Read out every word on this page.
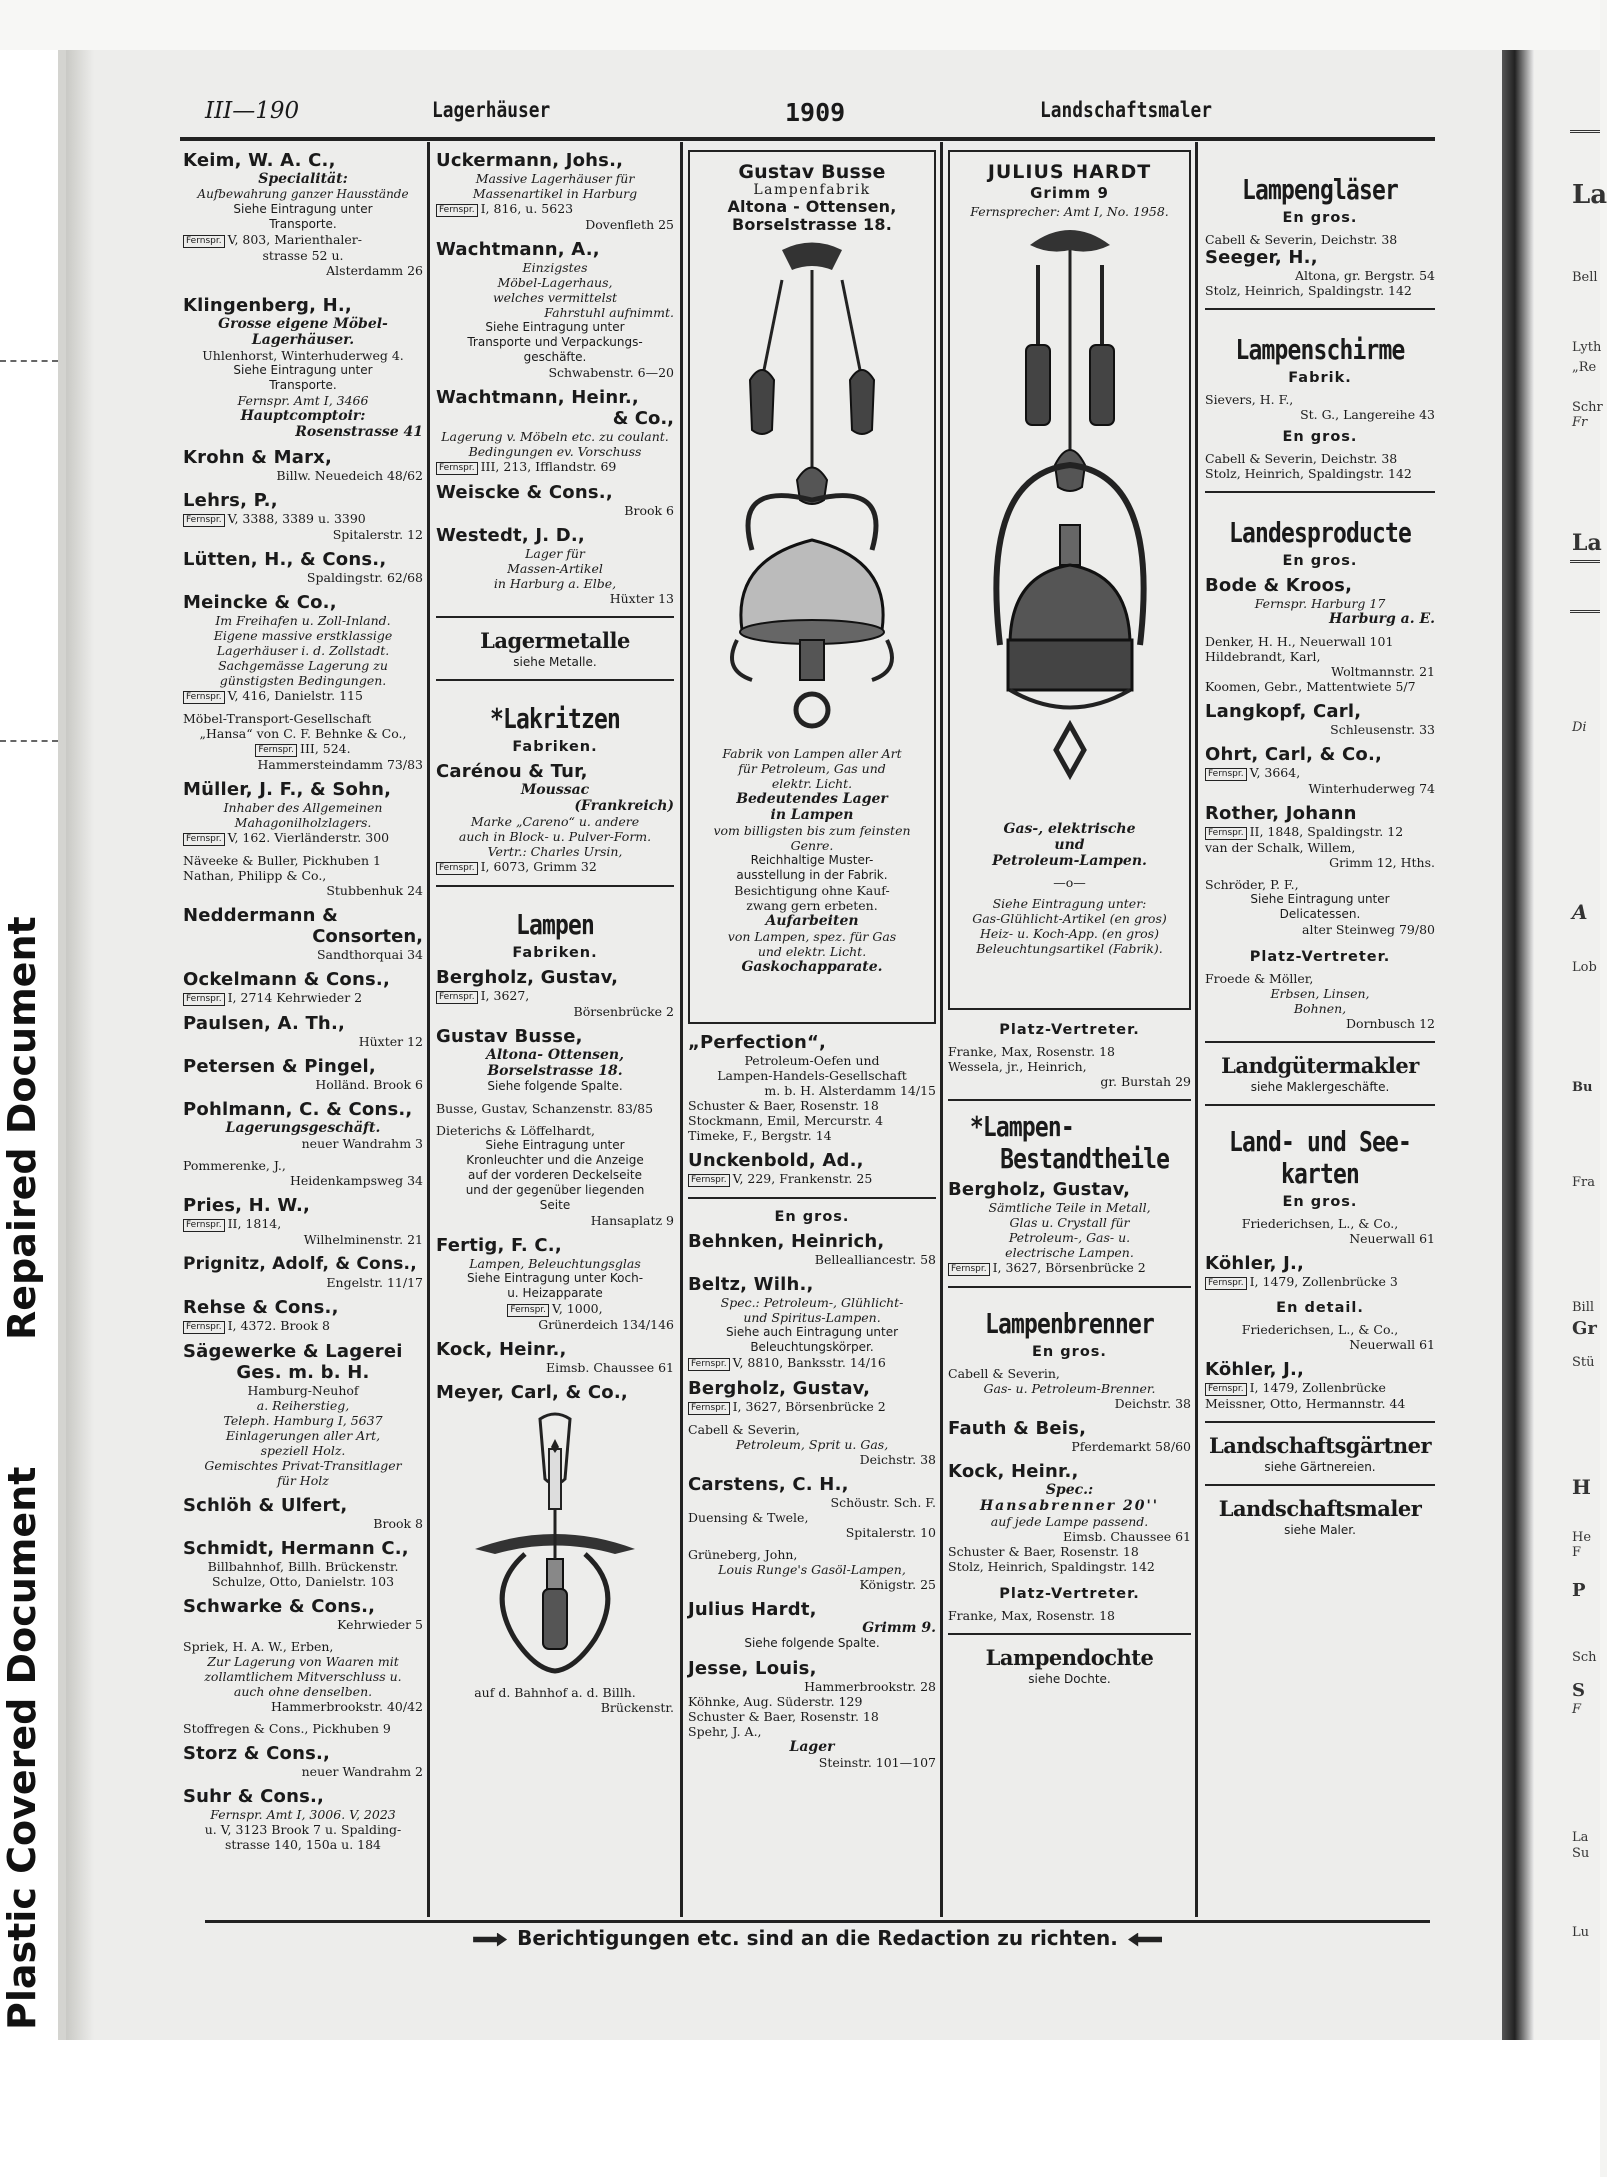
Repaired Document
Plastic Covered Document
La
Bell
Lyth
„Re
Schr
Fr
La
Di
A
Lob
Bu
Fra
Bill
Gr
Stü
H
He
F
P
Sch
S
F
La
Su
Lu
III—190	Lagerhäuser	1909	Landschaftsmaler
Keim, W. A. C.,
Specialität:
Aufbewahrung ganzer Hausstände
Siehe Eintragung unter
Transporte.
Fernspr. V, 803, Marienthaler-
strasse 52 u.
Alsterdamm 26
Klingenberg, H.,
Grosse eigene Möbel-
Lagerhäuser.
Uhlenhorst, Winterhuderweg 4.
Siehe Eintragung unter
Transporte.
Fernspr. Amt I, 3466
Hauptcomptoir:
Rosenstrasse 41
Krohn & Marx,
Billw. Neuedeich 48/62
Lehrs, P.,
Fernspr. V, 3388, 3389 u. 3390
Spitalerstr. 12
Lütten, H., & Cons.,
Spaldingstr. 62/68
Meincke & Co.,
Im Freihafen u. Zoll-Inland.
Eigene massive erstklassige
Lagerhäuser i. d. Zollstadt.
Sachgemässe Lagerung zu
günstigsten Bedingungen.
Fernspr. V, 416, Danielstr. 115
Möbel-Transport-Gesellschaft
„Hansa“ von C. F. Behnke & Co.,
Fernspr. III, 524.
Hammersteindamm 73/83
Müller, J. F., & Sohn,
Inhaber des Allgemeinen
Mahagonilholzlagers.
Fernspr. V, 162. Vierländerstr. 300
Näveeke & Buller, Pickhuben 1
Nathan, Philipp & Co.,
Stubbenhuk 24
Neddermann &
Consorten,
Sandthorquai 34
Ockelmann & Cons.,
Fernspr. I, 2714 Kehrwieder 2
Paulsen, A. Th.,
Hüxter 12
Petersen & Pingel,
Holländ. Brook 6
Pohlmann, C. & Cons.,
Lagerungsgeschäft.
neuer Wandrahm 3
Pommerenke, J.,
Heidenkampsweg 34
Pries, H. W.,
Fernspr. II, 1814,
Wilhelminenstr. 21
Prignitz, Adolf, & Cons.,
Engelstr. 11/17
Rehse & Cons.,
Fernspr. I, 4372. Brook 8
Sägewerke & Lagerei
Ges. m. b. H.
Hamburg-Neuhof
a. Reiherstieg,
Teleph. Hamburg I, 5637
Einlagerungen aller Art,
speziell Holz.
Gemischtes Privat-Transitlager
für Holz
Schlöh & Ulfert,
Brook 8
Schmidt, Hermann C.,
Billbahnhof, Billh. Brückenstr.
Schulze, Otto, Danielstr. 103
Schwarke & Cons.,
Kehrwieder 5
Spriek, H. A. W., Erben,
Zur Lagerung von Waaren mit
zollamtlichem Mitverschluss u.
auch ohne denselben.
Hammerbrookstr. 40/42
Stoffregen & Cons., Pickhuben 9
Storz & Cons.,
neuer Wandrahm 2
Suhr & Cons.,
Fernspr. Amt I, 3006. V, 2023
u. V, 3123 Brook 7 u. Spalding-
strasse 140, 150a u. 184
Uckermann, Johs.,
Massive Lagerhäuser für
Massenartikel in Harburg
Fernspr. I, 816, u. 5623
Dovenfleth 25
Wachtmann, A.,
Einzigstes
Möbel-Lagerhaus,
welches vermittelst
Fahrstuhl aufnimmt.
Siehe Eintragung unter
Transporte und Verpackungs-
geschäfte.
Schwabenstr. 6—20
Wachtmann, Heinr.,
& Co.,
Lagerung v. Möbeln etc. zu coulant.
Bedingungen ev. Vorschuss
Fernspr. III, 213, Ifflandstr. 69
Weiscke & Cons.,
Brook 6
Westedt, J. D.,
Lager für
Massen-Artikel
in Harburg a. Elbe,
Hüxter 13
Lagermetalle
siehe Metalle.
*Lakritzen
Fabriken.
Carénou & Tur,
Moussac
(Frankreich)
Marke „Careno“ u. andere
auch in Block- u. Pulver-Form.
Vertr.: Charles Ursin,
Fernspr. I, 6073, Grimm 32
Lampen
Fabriken.
Bergholz, Gustav,
Fernspr. I, 3627,
Börsenbrücke 2
Gustav Busse,
Altona- Ottensen,
Borselstrasse 18.
Siehe folgende Spalte.
Busse, Gustav, Schanzenstr. 83/85
Dieterichs & Löffelhardt,
Siehe Eintragung unter
Kronleuchter und die Anzeige
auf der vorderen Deckelseite
und der gegenüber liegenden
Seite
Hansaplatz 9
Fertig, F. C.,
Lampen, Beleuchtungsglas
Siehe Eintragung unter Koch-
u. Heizapparate
Fernspr. V, 1000,
Grünerdeich 134/146
Kock, Heinr.,
Eimsb. Chaussee 61
Meyer, Carl, & Co.,
auf d. Bahnhof a. d. Billh.
Brückenstr.
Gustav Busse
Lampenfabrik
Altona - Ottensen,
Borselstrasse 18.
Fabrik von Lampen aller Art
für Petroleum, Gas und
elektr. Licht.
Bedeutendes Lager
in Lampen
vom billigsten bis zum feinsten
Genre.
Reichhaltige Muster-
ausstellung in der Fabrik.
Besichtigung ohne Kauf-
zwang gern erbeten.
Aufarbeiten
von Lampen, spez. für Gas
und elektr. Licht.
Gaskochapparate.
„Perfection“,
Petroleum-Oefen und
Lampen-Handels-Gesellschaft
m. b. H. Alsterdamm 14/15
Schuster & Baer, Rosenstr. 18
Stockmann, Emil, Mercurstr. 4
Timeke, F., Bergstr. 14
Unckenbold, Ad.,
Fernspr. V, 229, Frankenstr. 25
En gros.
Behnken, Heinrich,
Bellealliancestr. 58
Beltz, Wilh.,
Spec.: Petroleum-, Glühlicht-
und Spiritus-Lampen.
Siehe auch Eintragung unter
Beleuchtungskörper.
Fernspr. V, 8810, Banksstr. 14/16
Bergholz, Gustav,
Fernspr. I, 3627, Börsenbrücke 2
Cabell & Severin,
Petroleum, Sprit u. Gas,
Deichstr. 38
Carstens, C. H.,
Schöustr. Sch. F.
Duensing & Twele,
Spitalerstr. 10
Grüneberg, John,
Louis Runge's Gasöl-Lampen,
Königstr. 25
Julius Hardt,
Grimm 9.
Siehe folgende Spalte.
Jesse, Louis,
Hammerbrookstr. 28
Köhnke, Aug. Süderstr. 129
Schuster & Baer, Rosenstr. 18
Spehr, J. A.,
Lager
Steinstr. 101—107
JULIUS HARDT
Grimm 9
Fernsprecher: Amt I, No. 1958.
Gas-, elektrische
und
Petroleum-Lampen.
—o—
Siehe Eintragung unter:
Gas-Glühlicht-Artikel (en gros)
Heiz- u. Koch-App. (en gros)
Beleuchtungsartikel (Fabrik).
Platz-Vertreter.
Franke, Max, Rosenstr. 18
Wessela, jr., Heinrich,
gr. Burstah 29
*Lampen-
Bestandtheile
Bergholz, Gustav,
Sämtliche Teile in Metall,
Glas u. Crystall für
Petroleum-, Gas- u.
electrische Lampen.
Fernspr. I, 3627, Börsenbrücke 2
Lampenbrenner
En gros.
Cabell & Severin,
Gas- u. Petroleum-Brenner.
Deichstr. 38
Fauth & Beis,
Pferdemarkt 58/60
Kock, Heinr.,
Spec.:
Hansabrenner 20''
auf jede Lampe passend.
Eimsb. Chaussee 61
Schuster & Baer, Rosenstr. 18
Stolz, Heinrich, Spaldingstr. 142
Platz-Vertreter.
Franke, Max, Rosenstr. 18
Lampendochte
siehe Dochte.
Lampengläser
En gros.
Cabell & Severin, Deichstr. 38
Seeger, H.,
Altona, gr. Bergstr. 54
Stolz, Heinrich, Spaldingstr. 142
Lampenschirme
Fabrik.
Sievers, H. F.,
St. G., Langereihe 43
En gros.
Cabell & Severin, Deichstr. 38
Stolz, Heinrich, Spaldingstr. 142
Landesproducte
En gros.
Bode & Kroos,
Fernspr. Harburg 17
Harburg a. E.
Denker, H. H., Neuerwall 101
Hildebrandt, Karl,
Woltmannstr. 21
Koomen, Gebr., Mattentwiete 5/7
Langkopf, Carl,
Schleusenstr. 33
Ohrt, Carl, & Co.,
Fernspr. V, 3664,
Winterhuderweg 74
Rother, Johann
Fernspr. II, 1848, Spaldingstr. 12
van der Schalk, Willem,
Grimm 12, Hths.
Schröder, P. F.,
Siehe Eintragung unter
Delicatessen.
alter Steinweg 79/80
Platz-Vertreter.
Froede & Möller,
Erbsen, Linsen,
Bohnen,
Dornbusch 12
Landgütermakler
siehe Maklergeschäfte.
Land- und See-
karten
En gros.
Friederichsen, L., & Co.,
Neuerwall 61
Köhler, J.,
Fernspr. I, 1479, Zollenbrücke 3
En detail.
Friederichsen, L., & Co.,
Neuerwall 61
Köhler, J.,
Fernspr. I, 1479, Zollenbrücke
Meissner, Otto, Hermannstr. 44
Landschaftsgärtner
siehe Gärtnereien.
Landschaftsmaler
siehe Maler.
Berichtigungen etc. sind an die Redaction zu richten.
